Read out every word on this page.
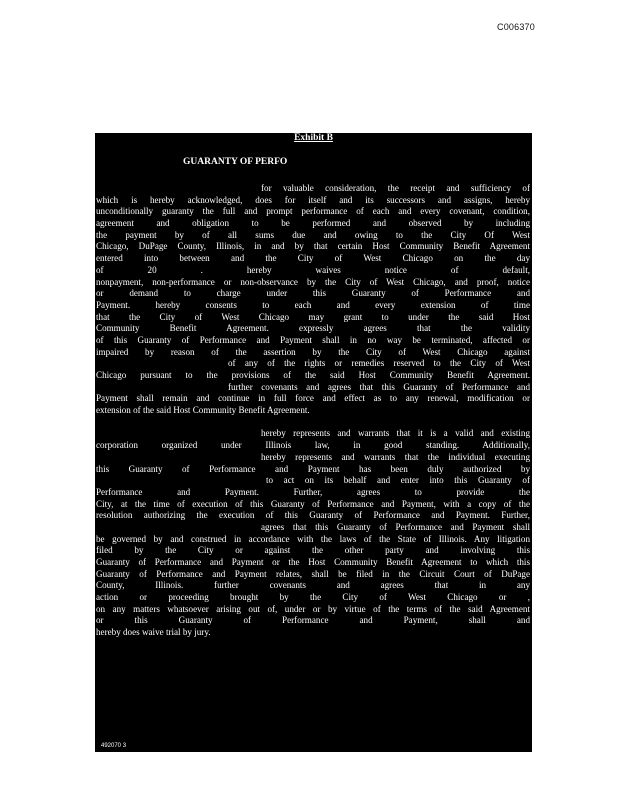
C006370
Exhibit B
GUARANTY OF PERFO
for valuable consideration, the receipt and sufficiency of
which is hereby acknowledged, does for itself and its successors and assigns, hereby
unconditionally guaranty the full and prompt performance of each and every covenant, condition,
agreement and obligation to be performed and observed by including
the payment by of all sums due and owing to the City Of West
Chicago, DuPage County, Illinois, in and by that certain Host Community Benefit Agreement
entered into between and the City of West Chicago on the day
of 20 . hereby waives notice of default,
nonpayment, non-performance or non-observance by the City of West Chicago, and proof, notice
or demand to charge under this Guaranty of Performance and
Payment. hereby consents to each and every extension of time
that the City of West Chicago may grant to under the said Host
Community Benefit Agreement. expressly agrees that the validity
of this Guaranty of Performance and Payment shall in no way be terminated, affected or
impaired by reason of the assertion by the City of West Chicago against
of any of the rights or remedies reserved to the City of West
Chicago pursuant to the provisions of the said Host Community Benefit Agreement.
further covenants and agrees that this Guaranty of Performance and
Payment shall remain and continue in full force and effect as to any renewal, modification or
extension of the said Host Community Benefit Agreement.
hereby represents and warrants that it is a valid and existing
corporation organized under Illinois law, in good standing. Additionally,
hereby represents and warrants that the individual executing
this Guaranty of Performance and Payment has been duly authorized by
to act on its behalf and enter into this Guaranty of
Performance and Payment. Further, agrees to provide the
City, at the time of execution of this Guaranty of Performance and Payment, with a copy of the
resolution authorizing the execution of this Guaranty of Performance and Payment. Further,
agrees that this Guaranty of Performance and Payment shall
be governed by and construed in accordance with the laws of the State of Illinois. Any litigation
filed by the City or against the other party and involving this
Guaranty of Performance and Payment or the Host Community Benefit Agreement to which this
Guaranty of Performance and Payment relates, shall be filed in the Circuit Court of DuPage
County, Illinois. further covenants and agrees that in any
action or proceeding brought by the City of West Chicago or ,
on any matters whatsoever arising out of, under or by virtue of the terms of the said Agreement
or this Guaranty of Performance and Payment, shall and
hereby does waive trial by jury.
492070 3
